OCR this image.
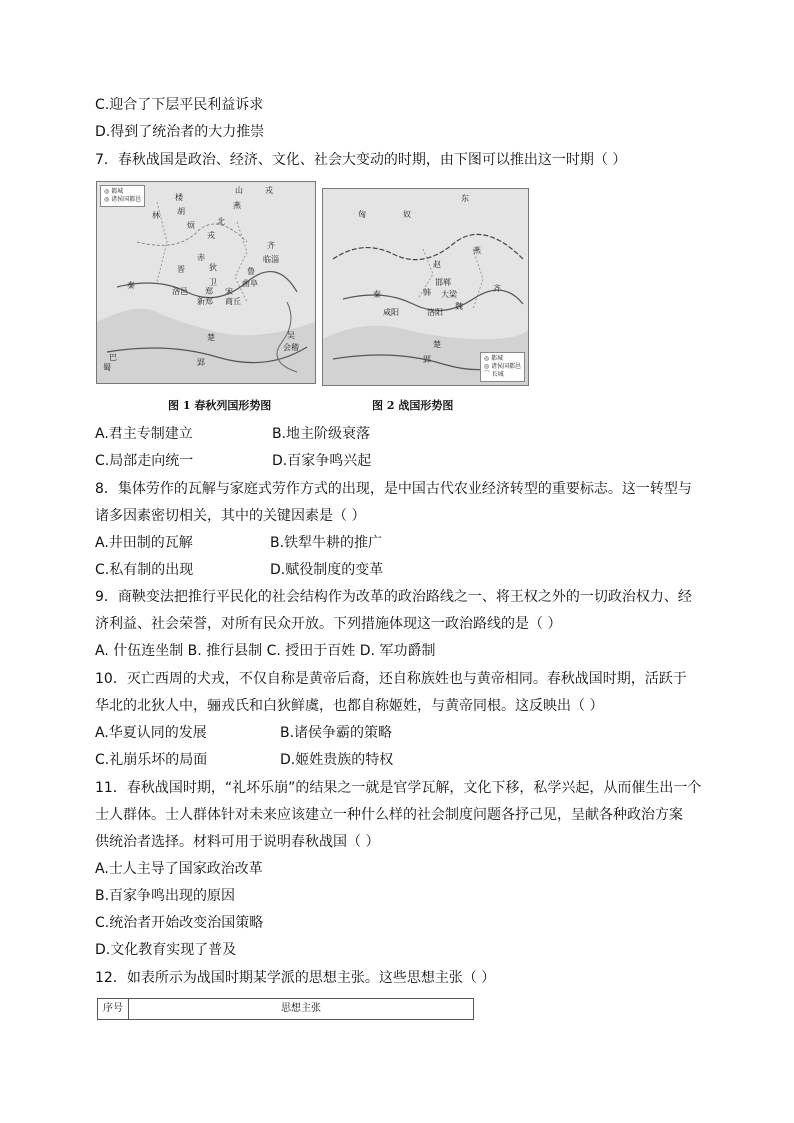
C.迎合了下层平民利益诉求
D.得到了统治者的大力推崇
7．春秋战国是政治、经济、文化、社会大变动的时期，由下图可以推出这一时期（ ）
◎ 都城
◎ 诸侯国都邑	楼
山	戎
林 胡
燕
烦	北
戎
赤
狄
临淄
齐
晋
卫	曲阜
鲁
洛邑 郑 宋
新郑 商丘
秦
楚	吴
会稽
巴
蜀
郢
东
匈	奴
燕
赵
邯郸
大梁
洛阳
咸阳
韩
魏
秦
楚
郢
齐
◎ 都城
◎ 诸侯国都邑
⌒ 长城
图 1 春秋列国形势图	图 2 战国形势图
A.君主专制建立	B.地主阶级衰落
C.局部走向统一	D.百家争鸣兴起
8．集体劳作的瓦解与家庭式劳作方式的出现，是中国古代农业经济转型的重要标志。这一转型与
诸多因素密切相关，其中的关键因素是（ ）
A.井田制的瓦解	B.铁犁牛耕的推广
C.私有制的出现	D.赋役制度的变革
9．商鞅变法把推行平民化的社会结构作为改革的政治路线之一、将王权之外的一切政治权力、经
济利益、社会荣誉，对所有民众开放。下列措施体现这一政治路线的是（ ）
A. 什伍连坐制 B. 推行县制 C. 授田于百姓 D. 军功爵制
10．灭亡西周的犬戎，不仅自称是黄帝后裔，还自称族姓也与黄帝相同。春秋战国时期，活跃于
华北的北狄人中，骊戎氏和白狄鲜虞，也都自称姬姓，与黄帝同根。这反映出（ ）
A.华夏认同的发展	B.诸侯争霸的策略
C.礼崩乐坏的局面	D.姬姓贵族的特权
11．春秋战国时期，“礼坏乐崩”的结果之一就是官学瓦解，文化下移，私学兴起，从而催生出一个
士人群体。士人群体针对未来应该建立一种什么样的社会制度问题各抒己见，呈献各种政治方案
供统治者选择。材料可用于说明春秋战国（ ）
A.士人主导了国家政治改革
B.百家争鸣出现的原因
C.统治者开始改变治国策略
D.文化教育实现了普及
12．如表所示为战国时期某学派的思想主张。这些思想主张（ ）
序号	思想主张
